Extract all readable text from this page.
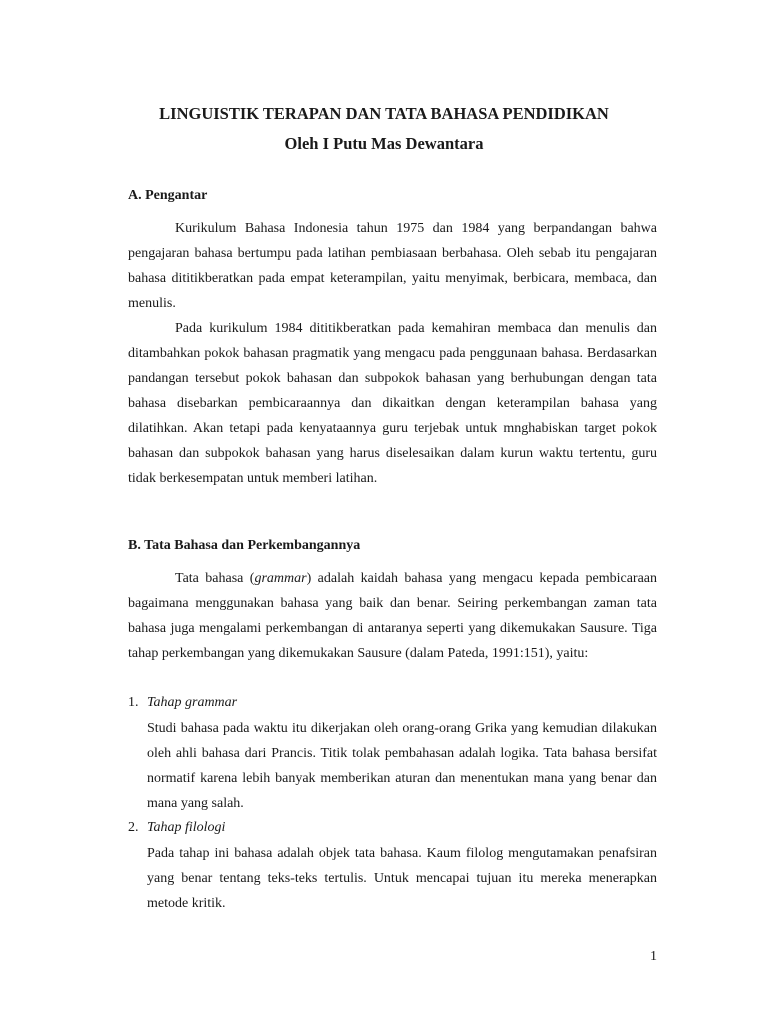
LINGUISTIK TERAPAN DAN TATA BAHASA PENDIDIKAN
Oleh I Putu Mas Dewantara
A. Pengantar

Kurikulum Bahasa Indonesia tahun 1975 dan 1984 yang berpandangan bahwa pengajaran bahasa bertumpu pada latihan pembiasaan berbahasa. Oleh sebab itu pengajaran bahasa dititikberatkan pada empat keterampilan, yaitu menyimak, berbicara, membaca, dan menulis.

Pada kurikulum 1984 dititikberatkan pada kemahiran membaca dan menulis dan ditambahkan pokok bahasan pragmatik yang mengacu pada penggunaan bahasa. Berdasarkan pandangan tersebut pokok bahasan dan subpokok bahasan yang berhubungan dengan tata bahasa disebarkan pembicaraannya dan dikaitkan dengan keterampilan bahasa yang dilatihkan. Akan tetapi pada kenyataannya guru terjebak untuk mnghabiskan target pokok bahasan dan subpokok bahasan yang harus diselesaikan dalam kurun waktu tertentu, guru tidak berkesempatan untuk memberi latihan.

B. Tata Bahasa dan Perkembangannya

Tata bahasa (grammar) adalah kaidah bahasa yang mengacu kepada pembicaraan bagaimana menggunakan bahasa yang baik dan benar. Seiring perkembangan zaman tata bahasa juga mengalami perkembangan di antaranya seperti yang dikemukakan Sausure. Tiga tahap perkembangan yang dikemukakan Sausure (dalam Pateda, 1991:151), yaitu:

1. Tahap grammar

Studi bahasa pada waktu itu dikerjakan oleh orang-orang Grika yang kemudian dilakukan oleh ahli bahasa dari Prancis. Titik tolak pembahasan adalah logika. Tata bahasa bersifat normatif karena lebih banyak memberikan aturan dan menentukan mana yang benar dan mana yang salah.

2. Tahap filologi

Pada tahap ini bahasa adalah objek tata bahasa. Kaum filolog mengutamakan penafsiran yang benar tentang teks-teks tertulis. Untuk mencapai tujuan itu mereka menerapkan metode kritik.

1
